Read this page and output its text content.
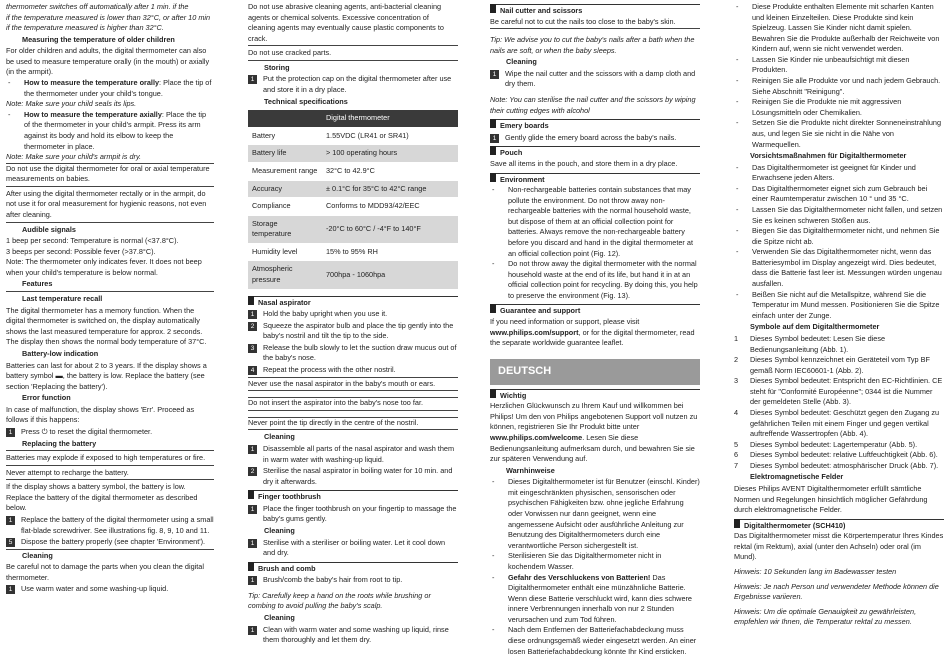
thermometer switches off automatically after 1 min. if the

if the temperature measured is lower than 32°C, or after 10 min

if the temperature measured is higher than 32°C.

Measuring the temperature of older children

For older children and adults, the digital thermometer can also be used to measure temperature orally (in the mouth) or axially (in the armpit).

-	How to measure the temperature orally: Place the tip of the thermometer under your child's tongue.

Note: Make sure your child seals its lips.

-	How to measure the temperature axially: Place the tip of the thermometer in your child's armpit. Press its arm against its body and hold its elbow to keep the thermometer in place.

Note: Make sure your child's armpit is dry.

Do not use the digital thermometer for oral or axial temperature measurements on babies.

After using the digital thermometer rectally or in the armpit, do not use it for oral measurement for hygienic reasons, not even after cleaning.

Audible signals

1 beep per second: Temperature is normal (<37.8°C).

3 beeps per second: Possible fever (>37.8°C).

Note: The thermometer only indicates fever. It does not beep when your child's temperature is below normal.

Features

Last temperature recall

The digital thermometer has a memory function. When the digital thermometer is switched on, the display automatically shows the last measured temperature for approx. 2 seconds. The display then shows the normal body temperature of 37°C.

Battery-low indication

Batteries can last for about 2 to 3 years. If the display shows a battery symbol ▬, the battery is low. Replace the battery (see section 'Replacing the battery').

Error function

In case of malfunction, the display shows 'Err'. Proceed as follows if this happens:

1	Press ⏻ to reset the digital thermometer.

Replacing the battery

Batteries may explode if exposed to high temperatures or fire.

Never attempt to recharge the battery.

If the display shows a battery symbol, the battery is low. Replace the battery of the digital thermometer as described below.

1	Replace the battery of the digital thermometer using a small flat-blade screwdriver. See illustrations fig. 8, 9, 10 and 11.
5	Dispose the battery properly (see chapter 'Environment').

Cleaning

Be careful not to damage the parts when you clean the digital thermometer.

1	Use warm water and some washing-up liquid.

Do not use abrasive cleaning agents, anti-bacterial cleaning agents or chemical solvents. Excessive concentration of cleaning agents may eventually cause plastic components to crack.

Do not use cracked parts.

Storing

1	Put the protection cap on the digital thermometer after use and store it in a dry place.

Technical specifications

	Digital thermometer
Battery	1.55VDC (LR41 or SR41)
Battery life	> 100 operating hours
Measurement range	32°C to 42.9°C
Accuracy	± 0.1°C for 35°C to 42°C range
Compliance	Conforms to MDD93/42/EEC
Storage temperature	-20°C to 60°C / -4°F to 140°F
Humidity level	15% to 95% RH
Atmospheric pressure	700hpa - 1060hpa
Nasal aspirator
1	Hold the baby upright when you use it.
2	Squeeze the aspirator bulb and place the tip gently into the baby's nostril and tilt the tip to the side.
3	Release the bulb slowly to let the suction draw mucus out of the baby's nose.
4	Repeat the process with the other nostril.

Never use the nasal aspirator in the baby's mouth or ears.

Do not insert the aspirator into the baby's nose too far.

Never point the tip directly in the centre of the nostril.

Cleaning

1	Disassemble all parts of the nasal aspirator and wash them in warm water with washing-up liquid.
2	Sterilise the nasal aspirator in boiling water for 10 min. and dry it afterwards.
Finger toothbrush
1	Place the finger toothbrush on your fingertip to massage the baby's gums gently.

Cleaning

1	Sterilise with a steriliser or boiling water. Let it cool down and dry.
Brush and comb
1	Brush/comb the baby's hair from root to tip.

Tip: Carefully keep a hand on the roots while brushing or combing to avoid pulling the baby's scalp.

Cleaning

1	Clean with warm water and some washing up liquid, rinse them thoroughly and let them dry.
Nail cutter and scissors

Be careful not to cut the nails too close to the baby's skin.

Tip: We advise you to cut the baby's nails after a bath when the nails are soft, or when the baby sleeps.

Cleaning

1	Wipe the nail cutter and the scissors with a damp cloth and dry them.

Note: You can sterilise the nail cutter and the scissors by wiping their cutting edges with alcohol

Emery boards
1	Gently glide the emery board across the baby's nails.
Pouch

Save all items in the pouch, and store them in a dry place.

Environment
-	Non-rechargeable batteries contain substances that may pollute the environment. Do not throw away non-rechargeable batteries with the normal household waste, but dispose of them at an official collection point for batteries. Always remove the non-rechargeable battery before you discard and hand in the digital thermometer at an official collection point (Fig. 12).
-	Do not throw away the digital thermometer with the normal household waste at the end of its life, but hand it in at an official collection point for recycling. By doing this, you help to preserve the environment (Fig. 13).
Guarantee and support

If you need information or support, please visit www.philips.com/support, or for the digital thermometer, read the separate worldwide guarantee leaflet.

DEUTSCH
Wichtig

Herzlichen Glückwunsch zu Ihrem Kauf und willkommen bei Philips! Um den von Philips angebotenen Support voll nutzen zu können, registrieren Sie Ihr Produkt bitte unter www.philips.com/welcome. Lesen Sie diese Bedienungsanleitung aufmerksam durch, und bewahren Sie sie zur späteren Verwendung auf.

Warnhinweise

-	Dieses Digitalthermometer ist für Benutzer (einschl. Kinder) mit eingeschränkten physischen, sensorischen oder psychischen Fähigkeiten bzw. ohne jegliche Erfahrung oder Vorwissen nur dann geeignet, wenn eine angemessene Aufsicht oder ausführliche Anleitung zur Benutzung des Digitalthermometers durch eine verantwortliche Person sichergestellt ist.
-	Sterilisieren Sie das Digitalthermometer nicht in kochendem Wasser.
-	Gefahr des Verschluckens von Batterien! Das Digitalthermometer enthält eine münzähnliche Batterie. Wenn diese Batterie verschluckt wird, kann dies schwere innere Verbrennungen innerhalb von nur 2 Stunden verursachen und zum Tod führen.
-	Nach dem Entfernen der Batteriefachabdeckung muss diese ordnungsgemäß wieder eingesetzt werden. An einer losen Batteriefachabdeckung könnte Ihr Kind ersticken.
-	Diese Produkte enthalten Elemente mit scharfen Kanten und kleinen Einzelteilen. Diese Produkte sind kein Spielzeug. Lassen Sie Kinder nicht damit spielen. Bewahren Sie die Produkte außerhalb der Reichweite von Kindern auf, wenn sie nicht verwendet werden.
-	Lassen Sie Kinder nie unbeaufsichtigt mit diesen Produkten.
-	Reinigen Sie alle Produkte vor und nach jedem Gebrauch. Siehe Abschnitt "Reinigung".
-	Reinigen Sie die Produkte nie mit aggressiven Lösungsmitteln oder Chemikalien.
-	Setzen Sie die Produkte nicht direkter Sonneneinstrahlung aus, und legen Sie sie nicht in die Nähe von Warmequellen.

Vorsichtsmaßnahmen für Digitalthermometer

-	Das Digitalthermometer ist geeignet für Kinder und Erwachsene jeden Alters.
-	Das Digitalthermometer eignet sich zum Gebrauch bei einer Raumtemperatur zwischen 10 ° und 35 °C.
-	Lassen Sie das Digitalthermometer nicht fallen, und setzen Sie es keinen schweren Stößen aus.
-	Biegen Sie das Digitalthermometer nicht, und nehmen Sie die Spitze nicht ab.
-	Verwenden Sie das Digitalthermometer nicht, wenn das Batteriesymbol im Display angezeigt wird. Dies bedeutet, dass die Batterie fast leer ist. Messungen würden ungenau ausfallen.
-	Beißen Sie nicht auf die Metallspitze, während Sie die Temperatur im Mund messen. Positionieren Sie die Spitze einfach unter der Zunge.

Symbole auf dem Digitalthermometer

1	Dieses Symbol bedeutet: Lesen Sie diese Bedienungsanleitung (Abb. 1).
2	Dieses Symbol kennzeichnet ein Geräteteil vom Typ BF gemäß Norm IEC60601-1 (Abb. 2).
3	Dieses Symbol bedeutet: Entspricht den EC-Richtlinien. CE steht für "Conformité Européenne"; 0344 ist die Nummer der gemeldeten Stelle (Abb. 3).
4	Dieses Symbol bedeutet: Geschützt gegen den Zugang zu gefährlichen Teilen mit einem Finger und gegen vertikal auftreffende Wassertropfen (Abb. 4).
5	Dieses Symbol bedeutet: Lagertemperatur (Abb. 5).
6	Dieses Symbol bedeutet: relative Luftfeuchtigkeit (Abb. 6).
7	Dieses Symbol bedeutet: atmosphärischer Druck (Abb. 7).

Elektromagnetische Felder

Dieses Philips AVENT Digitalthermometer erfüllt sämtliche Normen und Regelungen hinsichtlich möglicher Gefährdung durch elektromagnetische Felder.

Digitalthermometer (SCH410)

Das Digitalthermometer misst die Körpertemperatur Ihres Kindes rektal (im Rektum), axial (unter den Achseln) oder oral (im Mund).

Hinweis: 10 Sekunden lang im Badewasser testen

Hinweis: Je nach Person und verwendeter Methode können die Ergebnisse variieren.

Hinweis: Um die optimale Genauigkeit zu gewährleisten, empfehlen wir Ihnen, die Temperatur rektal zu messen.
